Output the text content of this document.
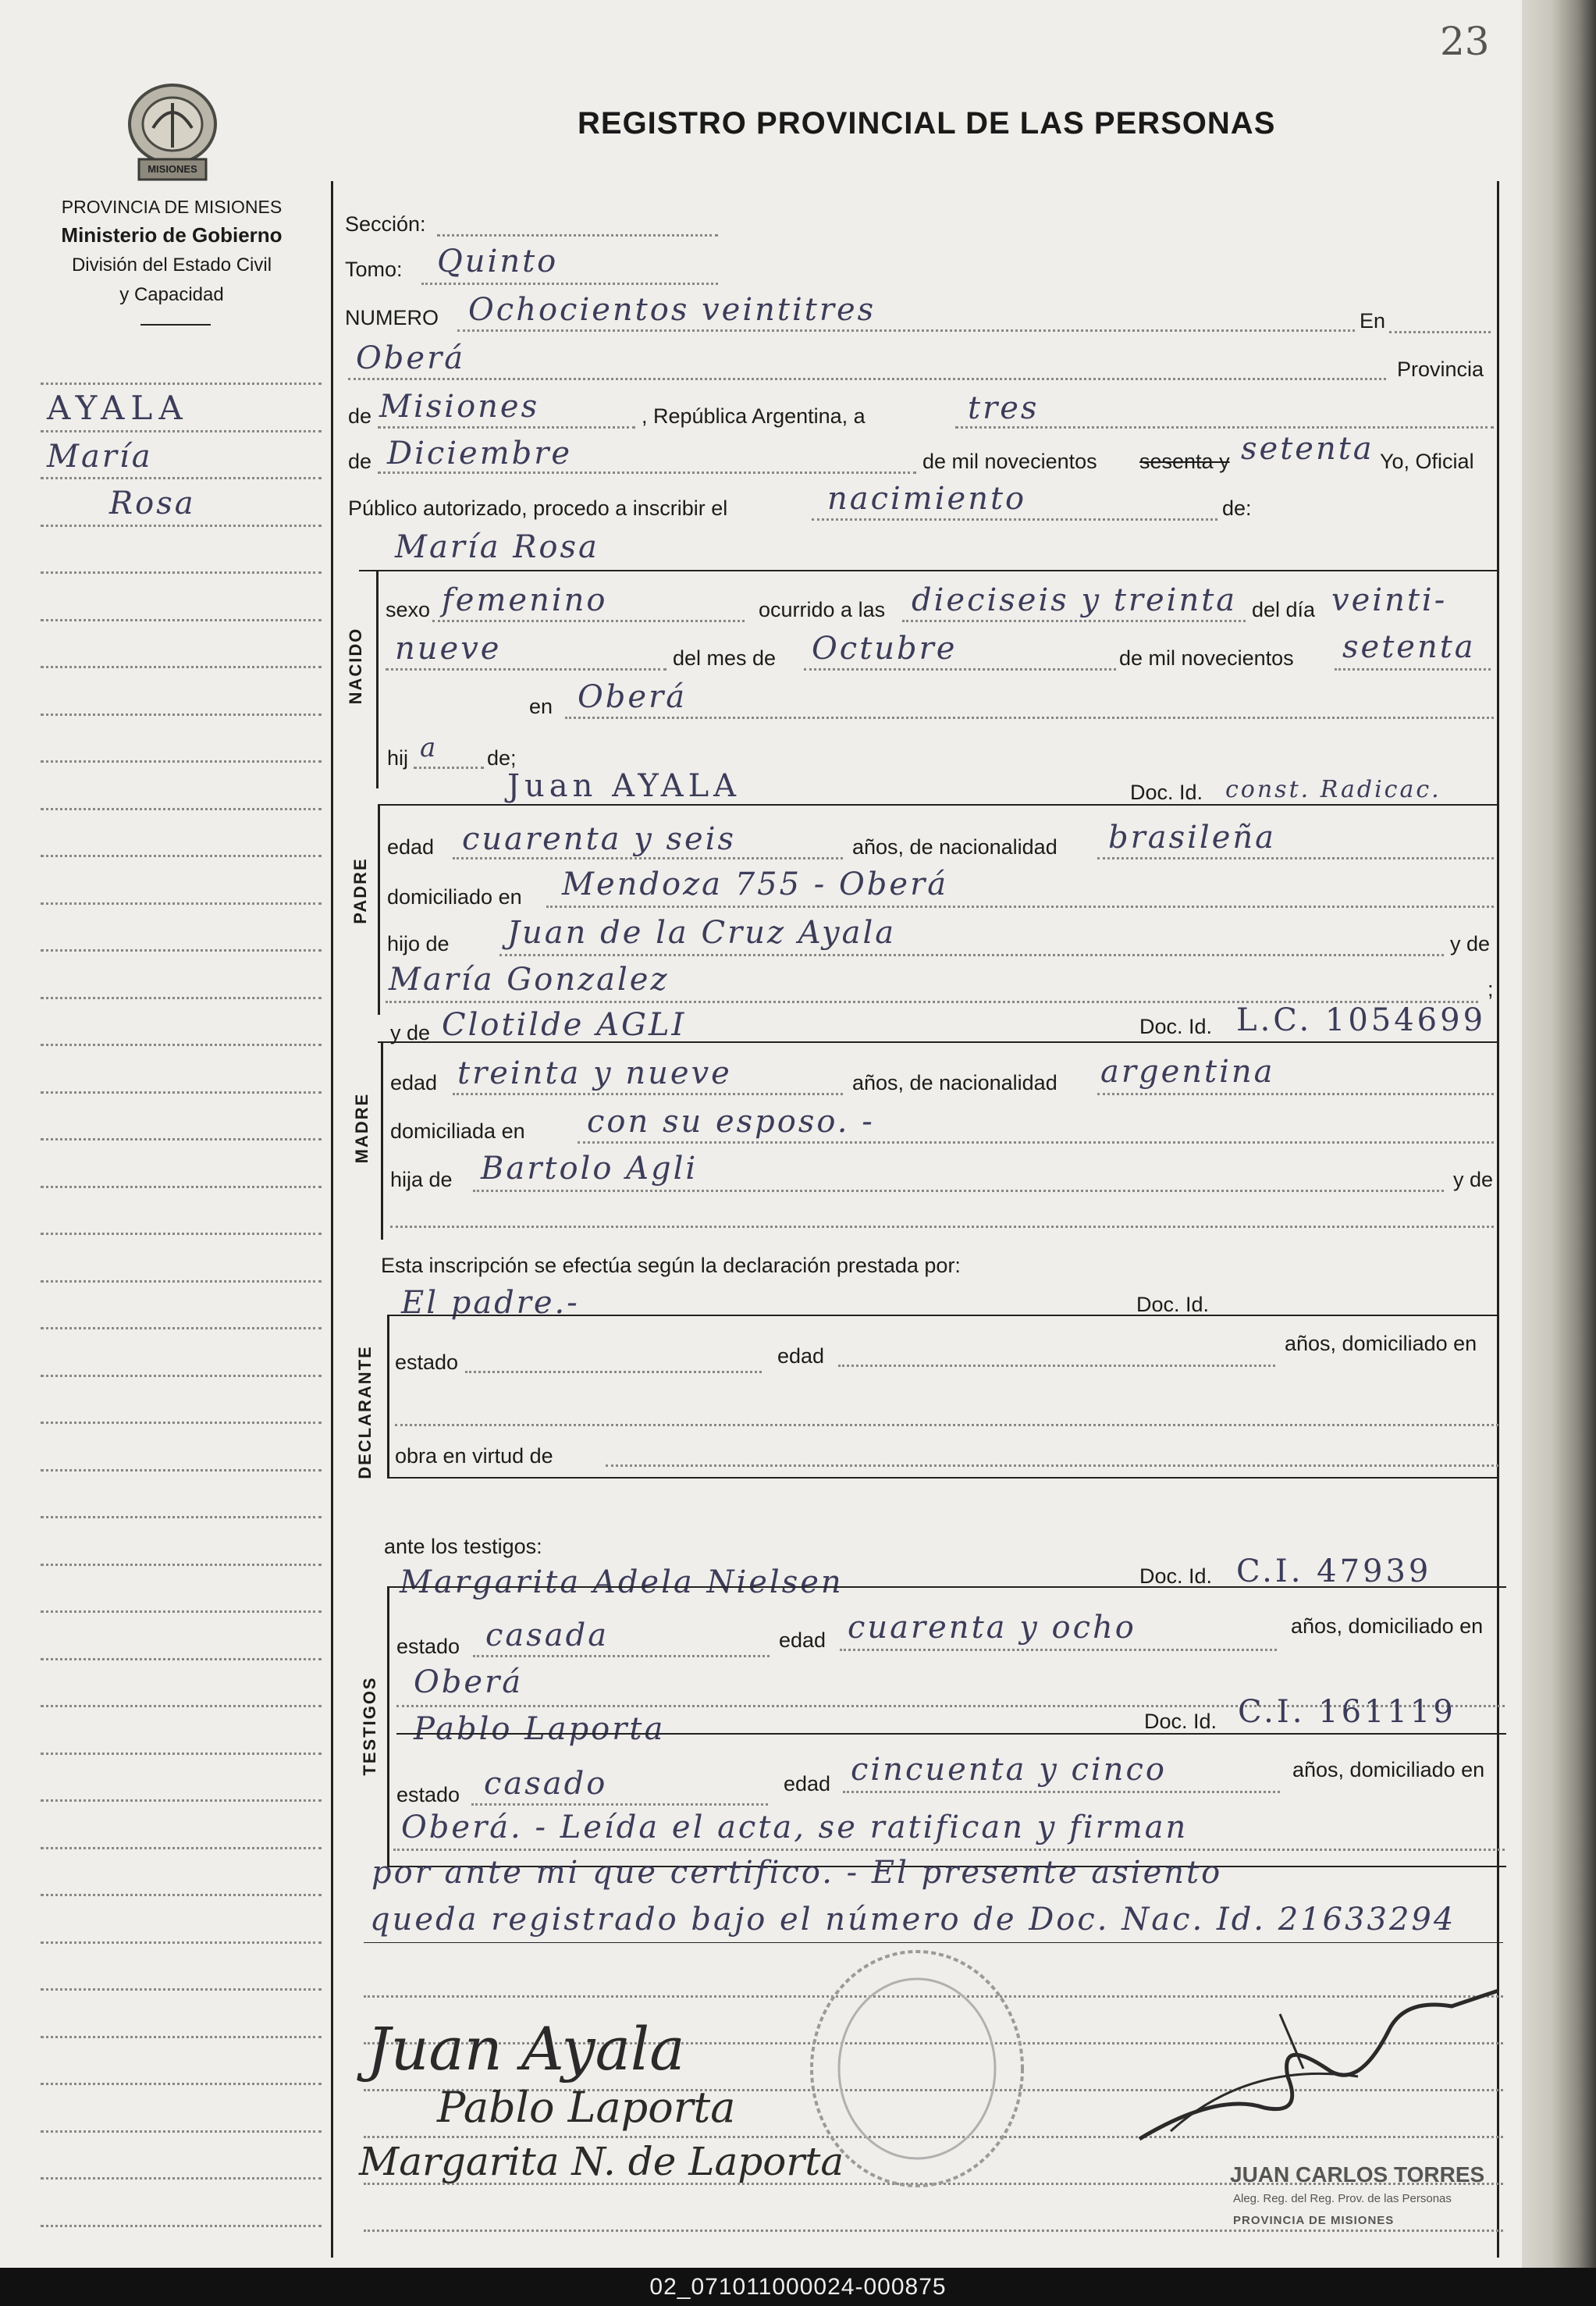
23
REGISTRO PROVINCIAL DE LAS PERSONAS
MISIONES
PROVINCIA DE MISIONES
Ministerio de Gobierno
División del Estado Civil
y Capacidad
AYALA
María
Rosa
Sección:
Tomo: Quinto
NUMERO Ochocientos veintitres	En
Oberá	Provincia
de Misiones	, República Argentina, a	tres
de Diciembre	de mil novecientos sesenta y setenta Yo, Oficial
Público autorizado, procedo a inscribir el	nacimiento	de:
María Rosa
NACIDO
sexo femenino	ocurrido a las dieciseis y treinta del día veinti-
nueve	del mes de Octubre	de mil novecientos setenta
en Oberá
hij a de;
Juan AYALA	Doc. Id. const. Radicac.
PADRE
edad cuarenta y seis	años, de nacionalidad brasileña
domiciliado en Mendoza 755 - Oberá
hijo de Juan de la Cruz Ayala	y de
María Gonzalez	;
y de Clotilde AGLI	Doc. Id. L.C. 1054699
MADRE
edad treinta y nueve	años, de nacionalidad argentina
domiciliada en con su esposo. -
hija de Bartolo Agli	y de
Esta inscripción se efectúa según la declaración prestada por:
El padre.-	Doc. Id.
DECLARANTE estado	edad
años, domiciliado en
obra en virtud de
ante los testigos:
Margarita Adela Nielsen	Doc. Id. C.I. 47939
TESTIGOS
estado casada	edad cuarenta y ocho	años, domiciliado en
Oberá
Pablo Laporta	Doc. Id. C.I. 161119
estado casado	edad cincuenta y cinco	años, domiciliado en
Oberá. - Leída el acta, se ratifican y firman
por ante mi que certifico. - El presente asiento
queda registrado bajo el número de Doc. Nac. Id. 21633294
Juan Ayala
Pablo Laporta
Margarita N. de Laporta	JUAN CARLOS TORRES
Aleg. Reg. del Reg. Prov. de las Personas
PROVINCIA DE MISIONES
02_071011000024-000875
